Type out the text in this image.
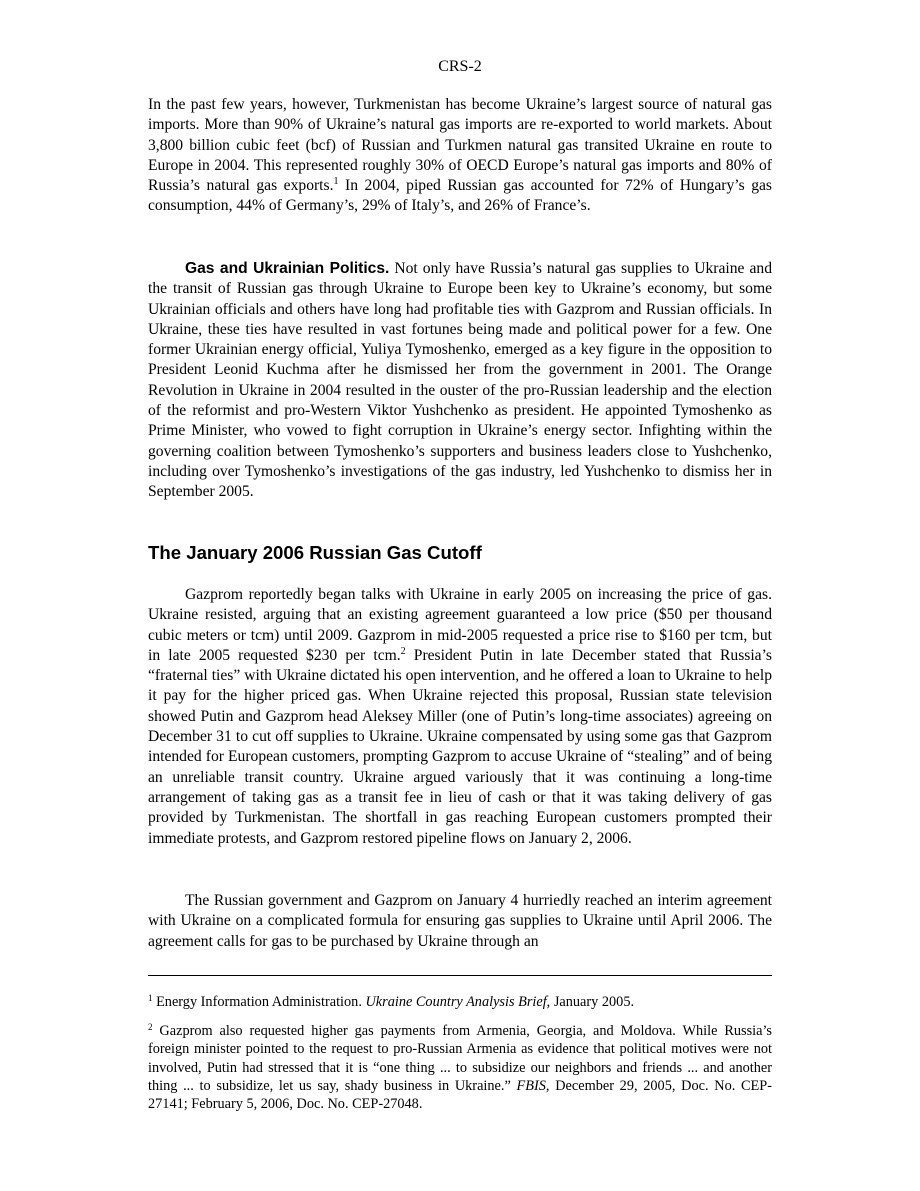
CRS-2

In the past few years, however, Turkmenistan has become Ukraine’s largest source of natural gas imports. More than 90% of Ukraine’s natural gas imports are re-exported to world markets. About 3,800 billion cubic feet (bcf) of Russian and Turkmen natural gas transited Ukraine en route to Europe in 2004. This represented roughly 30% of OECD Europe’s natural gas imports and 80% of Russia’s natural gas exports.$^1$ In 2004, piped Russian gas accounted for 72% of Hungary’s gas consumption, 44% of Germany’s, 29% of Italy’s, and 26% of France’s.

Gas and Ukrainian Politics. Not only have Russia’s natural gas supplies to Ukraine and the transit of Russian gas through Ukraine to Europe been key to Ukraine’s economy, but some Ukrainian officials and others have long had profitable ties with Gazprom and Russian officials. In Ukraine, these ties have resulted in vast fortunes being made and political power for a few. One former Ukrainian energy official, Yuliya Tymoshenko, emerged as a key figure in the opposition to President Leonid Kuchma after he dismissed her from the government in 2001. The Orange Revolution in Ukraine in 2004 resulted in the ouster of the pro-Russian leadership and the election of the reformist and pro-Western Viktor Yushchenko as president. He appointed Tymoshenko as Prime Minister, who vowed to fight corruption in Ukraine’s energy sector. Infighting within the governing coalition between Tymoshenko’s supporters and business leaders close to Yushchenko, including over Tymoshenko’s investigations of the gas industry, led Yushchenko to dismiss her in September 2005.

The January 2006 Russian Gas Cutoff

Gazprom reportedly began talks with Ukraine in early 2005 on increasing the price of gas. Ukraine resisted, arguing that an existing agreement guaranteed a low price ($50 per thousand cubic meters or tcm) until 2009. Gazprom in mid-2005 requested a price rise to $160 per tcm, but in late 2005 requested $230 per tcm.$^2$ President Putin in late December stated that Russia’s “fraternal ties” with Ukraine dictated his open intervention, and he offered a loan to Ukraine to help it pay for the higher priced gas. When Ukraine rejected this proposal, Russian state television showed Putin and Gazprom head Aleksey Miller (one of Putin’s long-time associates) agreeing on December 31 to cut off supplies to Ukraine. Ukraine compensated by using some gas that Gazprom intended for European customers, prompting Gazprom to accuse Ukraine of “stealing” and of being an unreliable transit country. Ukraine argued variously that it was continuing a long-time arrangement of taking gas as a transit fee in lieu of cash or that it was taking delivery of gas provided by Turkmenistan. The shortfall in gas reaching European customers prompted their immediate protests, and Gazprom restored pipeline flows on January 2, 2006.

The Russian government and Gazprom on January 4 hurriedly reached an interim agreement with Ukraine on a complicated formula for ensuring gas supplies to Ukraine until April 2006. The agreement calls for gas to be purchased by Ukraine through an

$^1$ Energy Information Administration. Ukraine Country Analysis Brief, January 2005.

$^2$ Gazprom also requested higher gas payments from Armenia, Georgia, and Moldova. While Russia’s foreign minister pointed to the request to pro-Russian Armenia as evidence that political motives were not involved, Putin had stressed that it is “one thing ... to subsidize our neighbors and friends ... and another thing ... to subsidize, let us say, shady business in Ukraine.” FBIS, December 29, 2005, Doc. No. CEP-27141; February 5, 2006, Doc. No. CEP-27048.
